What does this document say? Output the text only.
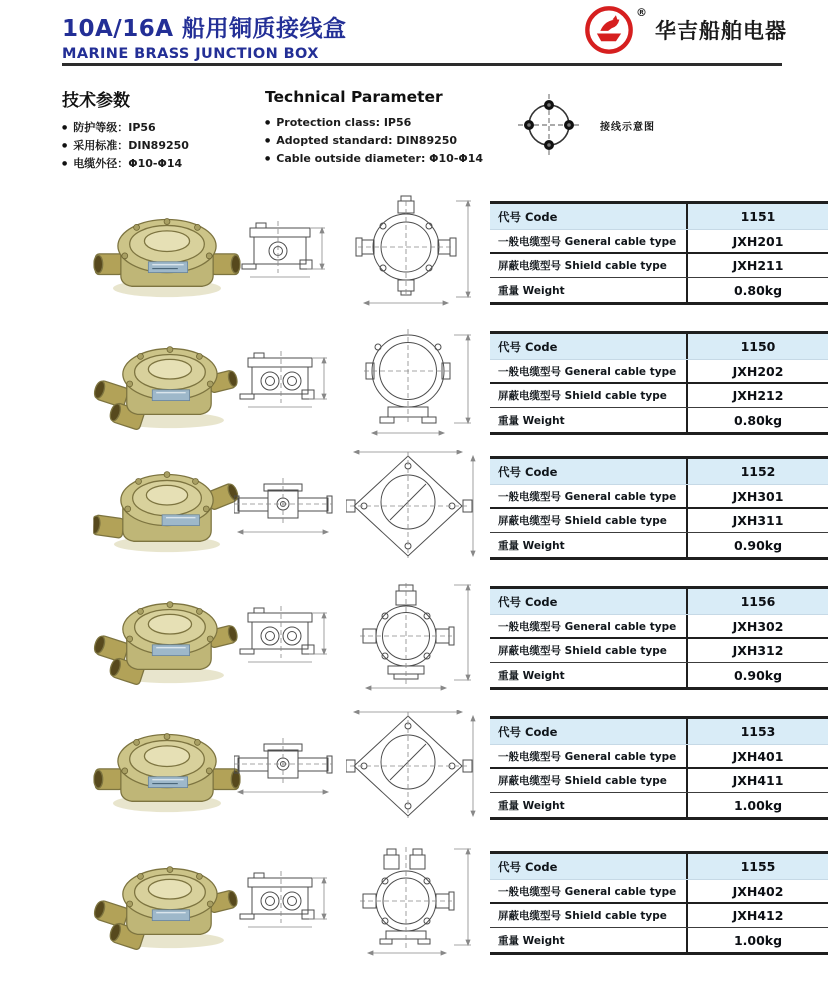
10A/16A 船用铜质接线盒
MARINE BRASS JUNCTION BOX
®
华吉船舶电器
技术参数
● 防护等级：IP56
● 采用标准：DIN89250
● 电缆外径：Φ10-Φ14
Technical Parameter
● Protection class: IP56
● Adopted standard: DIN89250
● Cable outside diameter: Φ10-Φ14
接线示意图
代号 Code	1151
一般电缆型号 General cable type	JXH201
屏蔽电缆型号 Shield cable type	JXH211
重量 Weight	0.80kg
代号 Code	1150
一般电缆型号 General cable type	JXH202
屏蔽电缆型号 Shield cable type	JXH212
重量 Weight	0.80kg
代号 Code	1152
一般电缆型号 General cable type	JXH301
屏蔽电缆型号 Shield cable type	JXH311
重量 Weight	0.90kg
代号 Code	1156
一般电缆型号 General cable type	JXH302
屏蔽电缆型号 Shield cable type	JXH312
重量 Weight	0.90kg
代号 Code	1153
一般电缆型号 General cable type	JXH401
屏蔽电缆型号 Shield cable type	JXH411
重量 Weight	1.00kg
代号 Code	1155
一般电缆型号 General cable type	JXH402
屏蔽电缆型号 Shield cable type	JXH412
重量 Weight	1.00kg
